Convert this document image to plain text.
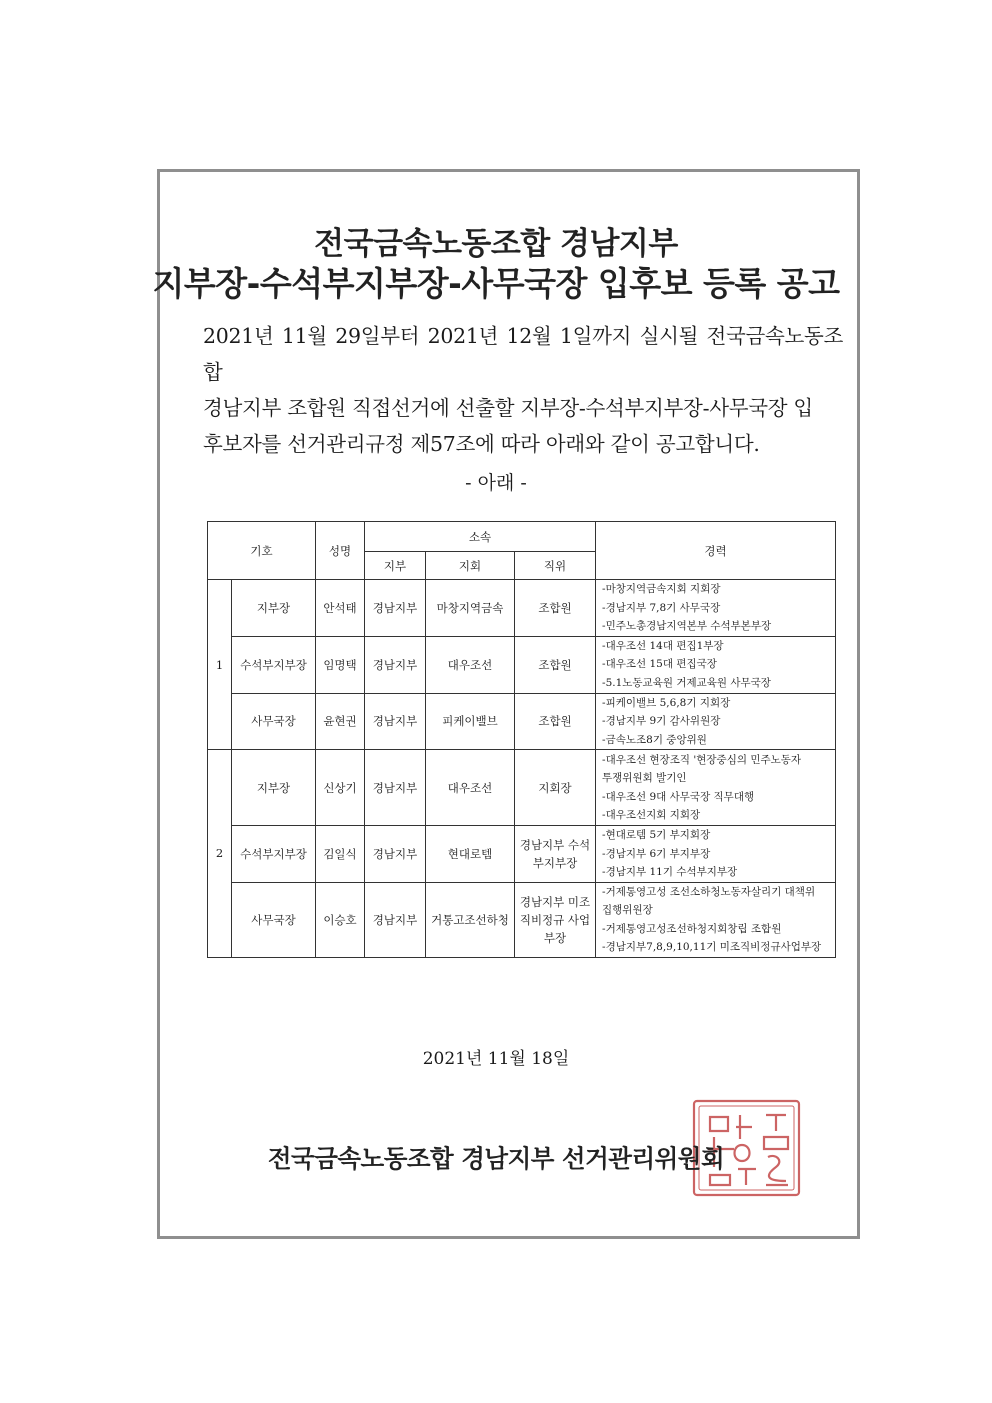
전국금속노동조합 경남지부
지부장-수석부지부장-사무국장 입후보 등록 공고

2021년 11월 29일부터 2021년 12월 1일까지 실시될 전국금속노동조합

경남지부 조합원 직접선거에 선출할 지부장-수석부지부장-사무국장 입

후보자를 선거관리규정 제57조에 따라 아래와 같이 공고합니다.

- 아래 -
기호		성명	소속			경력
			지부	지회	직위	
1	지부장	안석태	경남지부	마창지역금속	조합원	-마창지역금속지회 지회장
-경남지부 7,8기 사무국장
-민주노총경남지역본부 수석부본부장

	수석부지부장	임명택	경남지부	대우조선	조합원	-대우조선 14대 편집1부장
-대우조선 15대 편집국장
-5.1노동교육원 거제교육원 사무국장

	사무국장	윤현권	경남지부	피케이밸브	조합원	-피케이밸브 5,6,8기 지회장
-경남지부 9기 감사위원장
-금속노조8기 중앙위원

2	지부장	신상기	경남지부	대우조선	지회장	-대우조선 현장조직 '현장중심의 민주노동자
투쟁위원회 발기인
-대우조선 9대 사무국장 직무대행
-대우조선지회 지회장

	수석부지부장	김일식	경남지부	현대로템	경남지부 수석부지부장	-현대로템 5기 부지회장
-경남지부 6기 부지부장
-경남지부 11기 수석부지부장

	사무국장	이승호	경남지부	거통고조선하청	경남지부 미조직비정규 사업부장	-거제통영고성 조선소하청노동자살리기 대책위
집행위원장
-거제통영고성조선하청지회창립 조합원
-경남지부7,8,9,10,11기 미조직비정규사업부장
2021년 11월 18일
전국금속노동조합 경남지부 선거관리위원회
